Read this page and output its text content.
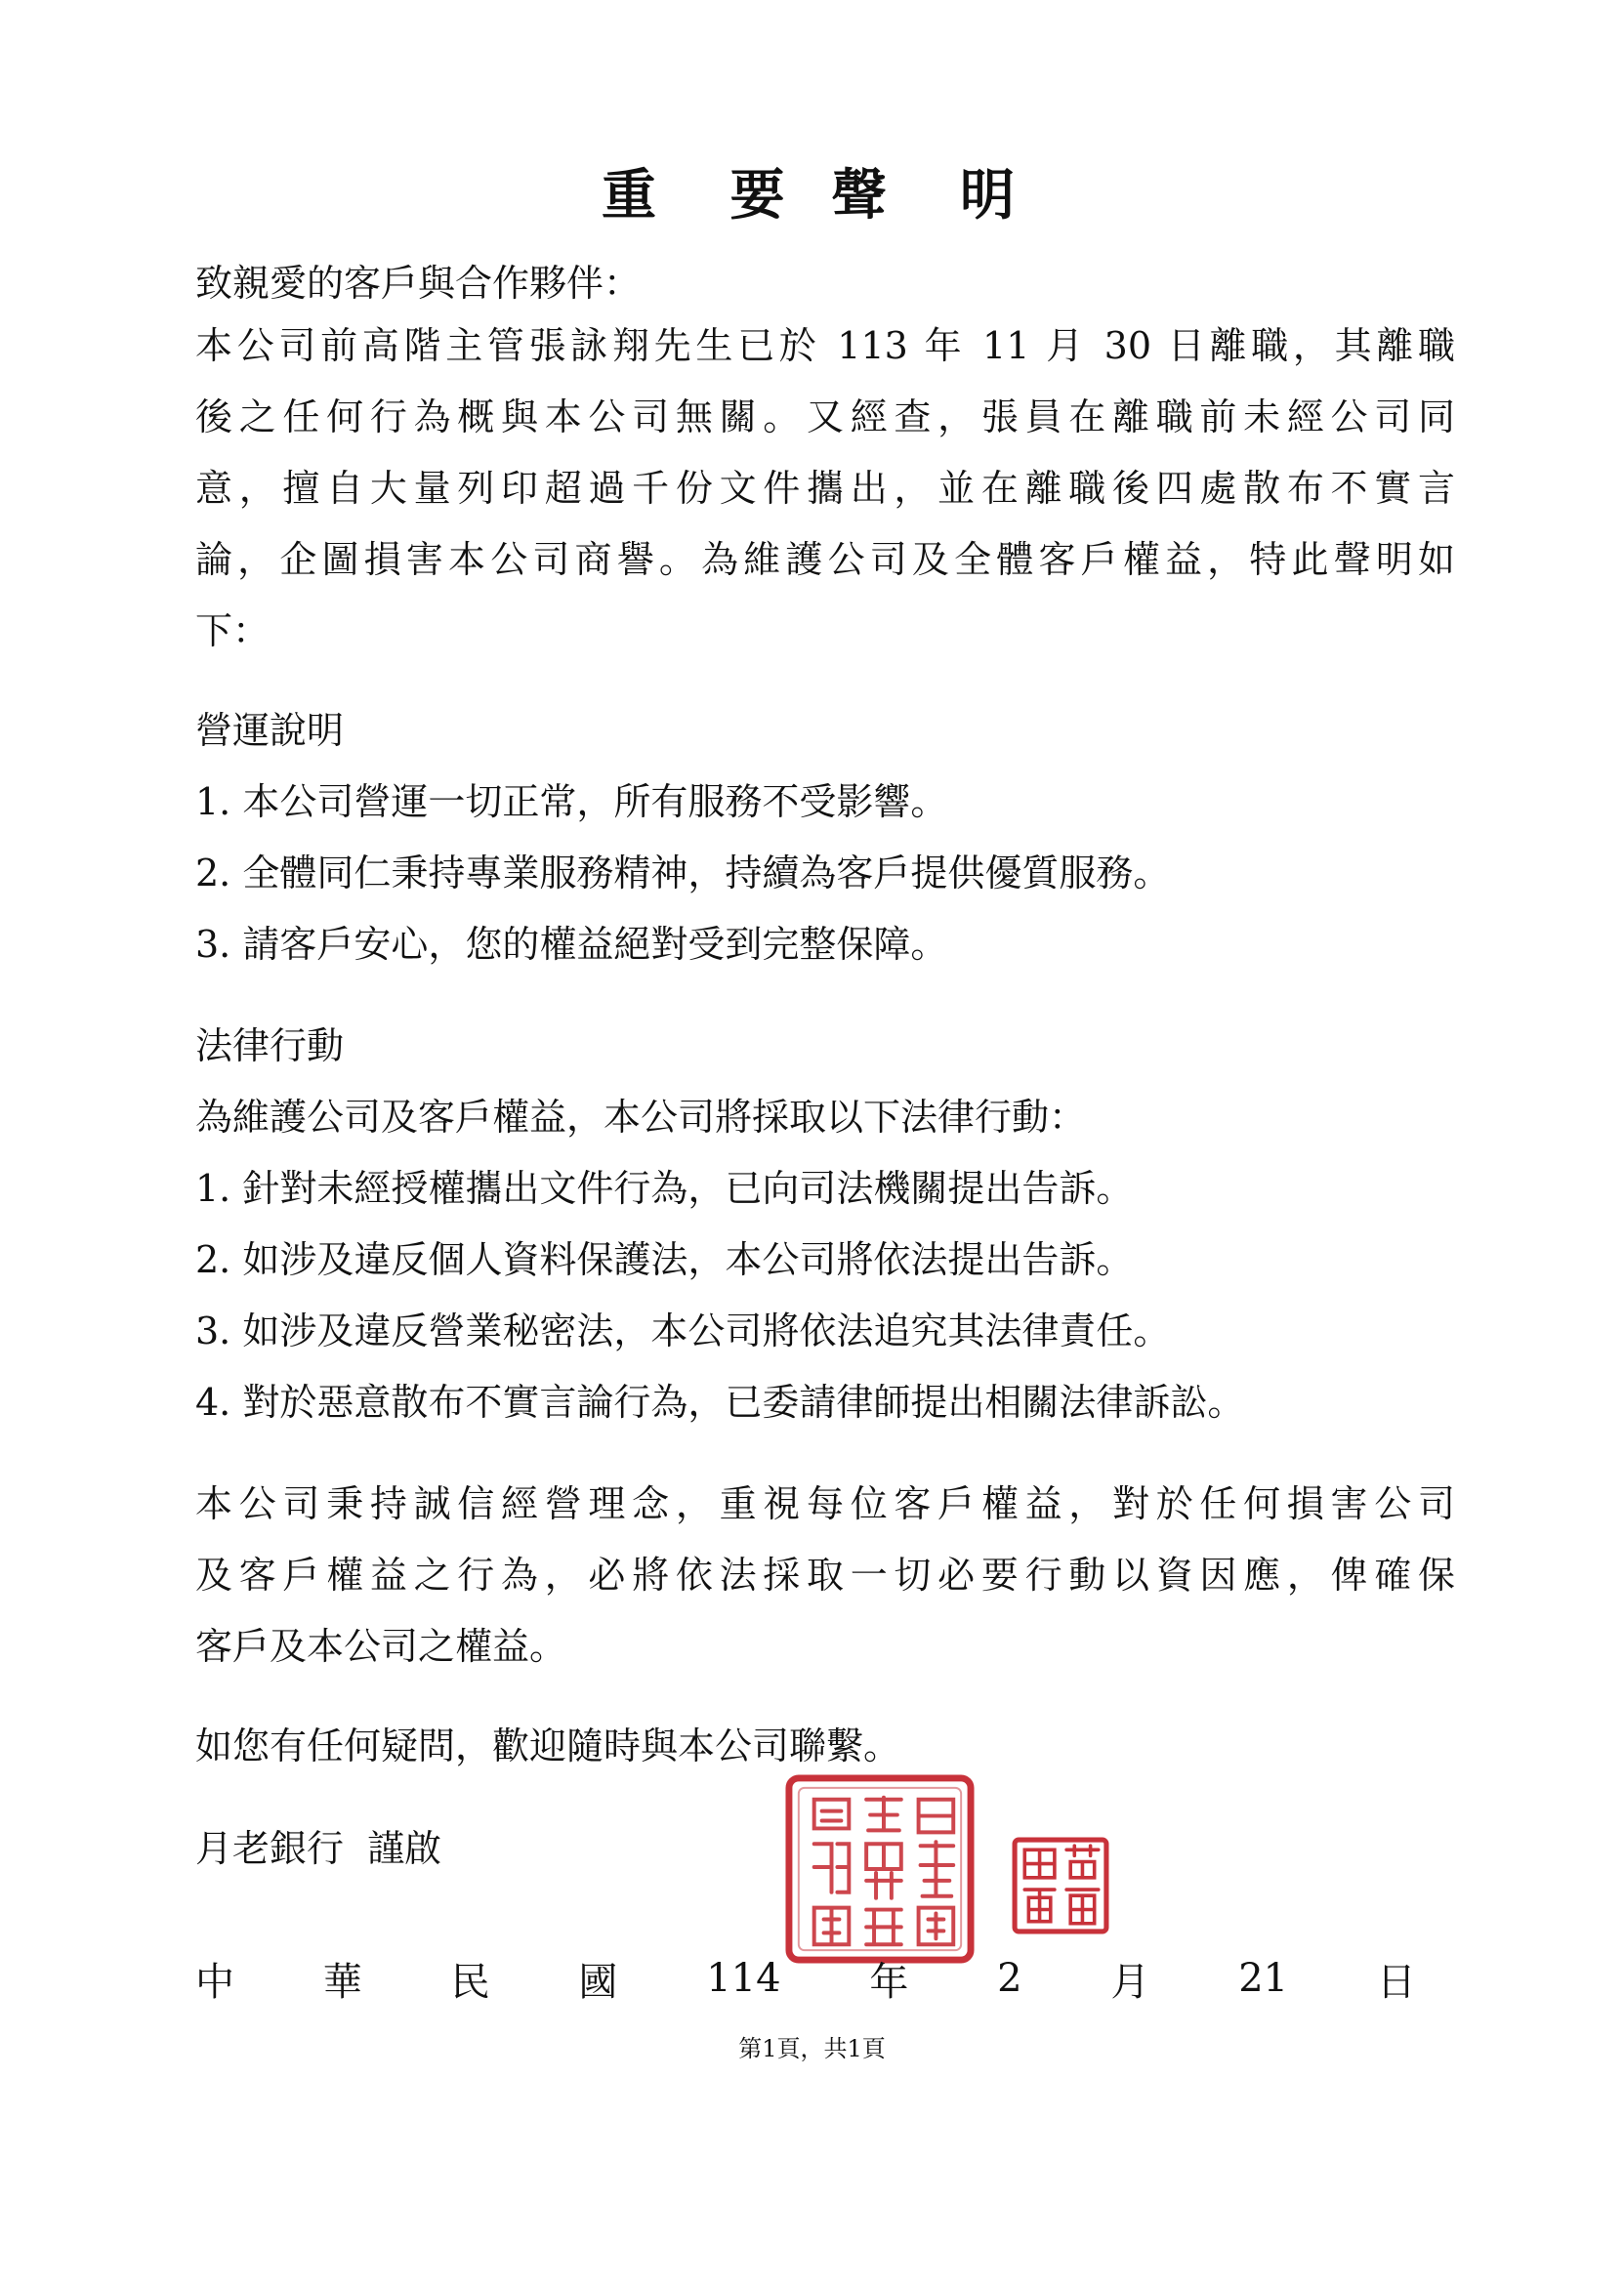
重 要 聲 明
致親愛的客戶與合作夥伴：
本公司前高階主管張詠翔先生已於 113 年 11 月 30 日離職，其離職
後之任何行為概與本公司無關。又經查，張員在離職前未經公司同
意，擅自大量列印超過千份文件攜出，並在離職後四處散布不實言
論，企圖損害本公司商譽。為維護公司及全體客戶權益，特此聲明如
下：
營運說明
1. 本公司營運一切正常，所有服務不受影響。
2. 全體同仁秉持專業服務精神，持續為客戶提供優質服務。
3. 請客戶安心，您的權益絕對受到完整保障。
法律行動
為維護公司及客戶權益，本公司將採取以下法律行動：
1. 針對未經授權攜出文件行為，已向司法機關提出告訴。
2. 如涉及違反個人資料保護法，本公司將依法提出告訴。
3. 如涉及違反營業秘密法，本公司將依法追究其法律責任。
4. 對於惡意散布不實言論行為，已委請律師提出相關法律訴訟。
本公司秉持誠信經營理念，重視每位客戶權益，對於任何損害公司
及客戶權益之行為，必將依法採取一切必要行動以資因應，俾確保
客戶及本公司之權益。
如您有任何疑問，歡迎隨時與本公司聯繫。
月老銀行  謹啟
中 華 民 國 114 年 2 月 21 日
第1頁，共1頁
